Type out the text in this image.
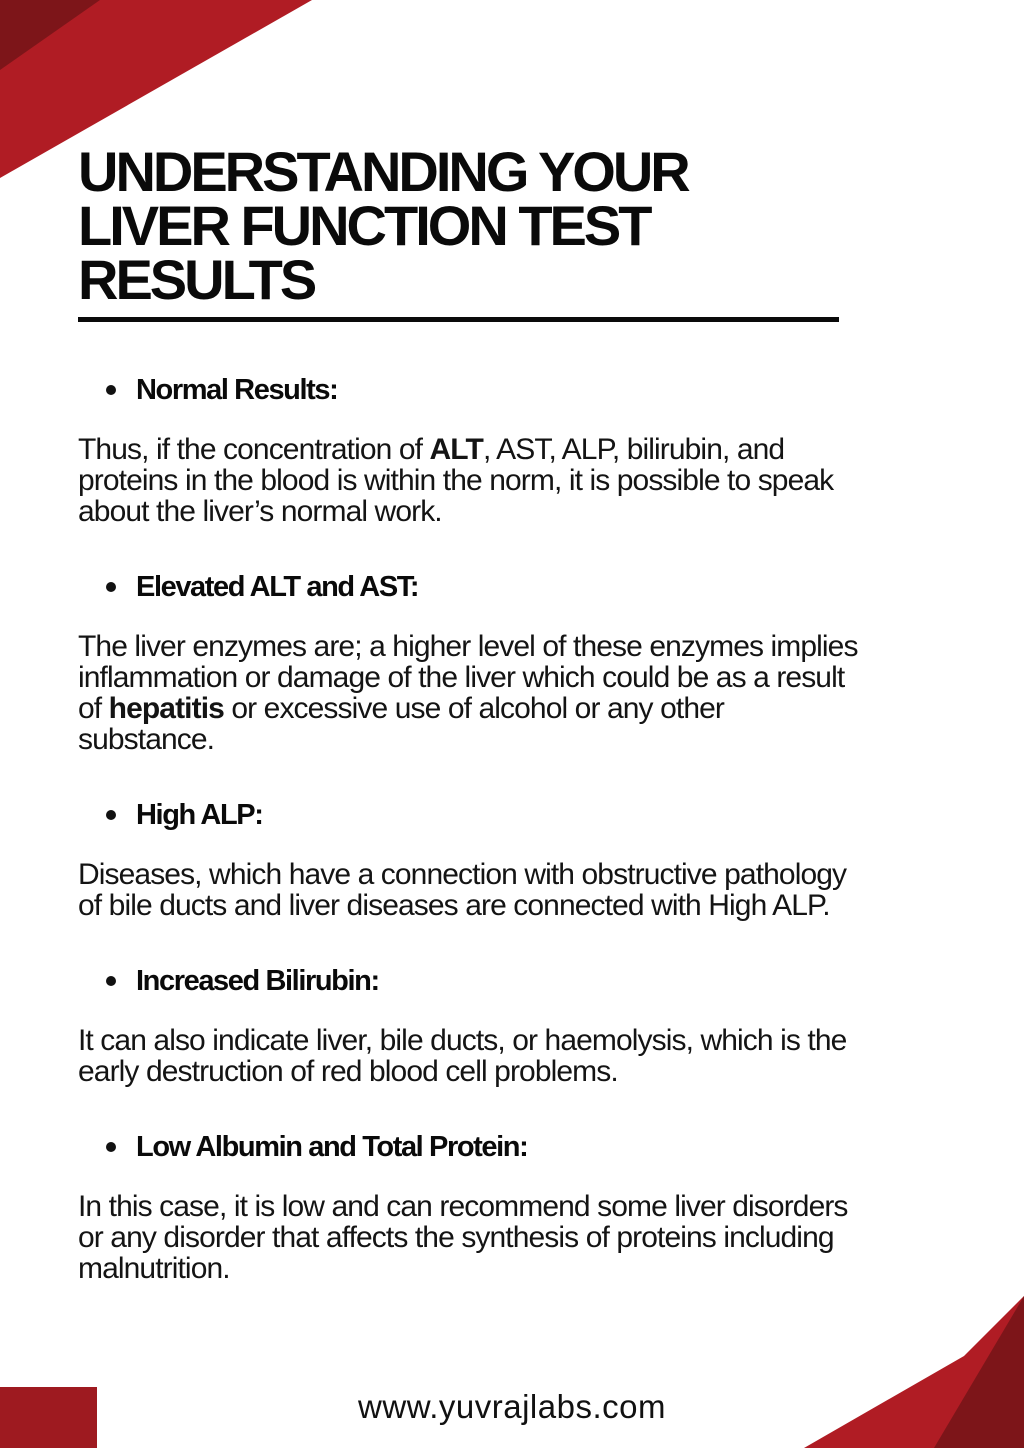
UNDERSTANDING YOUR
LIVER FUNCTION TEST
RESULTS
Normal Results:

Thus, if the concentration of ALT, AST, ALP, bilirubin, and proteins in the blood is within the norm, it is possible to speak about the liver’s normal work.

Elevated ALT and AST:

The liver enzymes are; a higher level of these enzymes implies inflammation or damage of the liver which could be as a result of hepatitis or excessive use of alcohol or any other substance.

High ALP:

Diseases, which have a connection with obstructive pathology of bile ducts and liver diseases are connected with High ALP.

Increased Bilirubin:

It can also indicate liver, bile ducts, or haemolysis, which is the early destruction of red blood cell problems.

Low Albumin and Total Protein:

In this case, it is low and can recommend some liver disorders or any disorder that affects the synthesis of proteins including malnutrition.

www.yuvrajlabs.com
